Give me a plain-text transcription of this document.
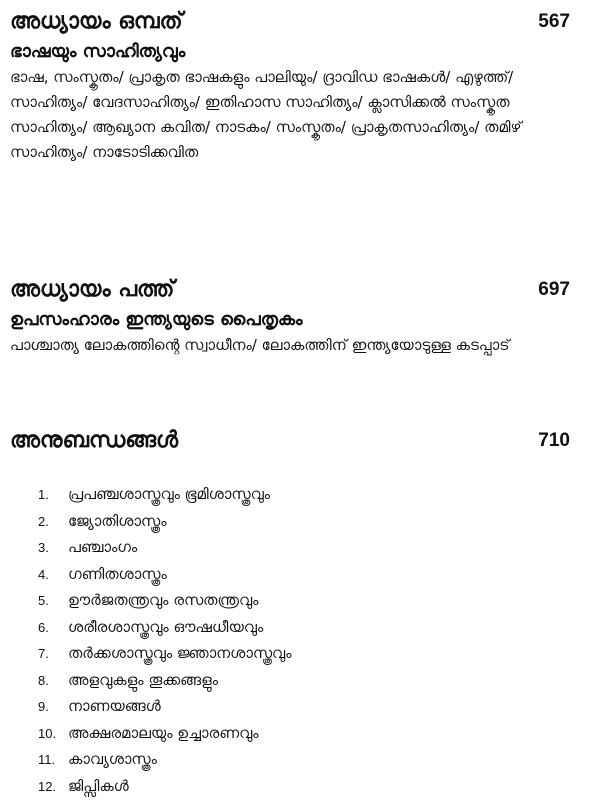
അധ്യായം ഒമ്പത്	567
ഭാഷയും സാഹിത്യവും
ഭാഷ, സംസ്കൃതം/ പ്രാകൃത ഭാഷകളും പാലിയും/ ദ്രാവിഡ ഭാഷകൾ/ എഴുത്ത്/ സാഹിത്യം/ വേദസാഹിത്യം/ ഇതിഹാസ സാഹിത്യം/ ക്ലാസിക്കൽ സംസ്കൃത സാഹിത്യം/ ആഖ്യാന കവിത/ നാടകം/ സംസ്കൃതം/ പ്രാകൃതസാഹിത്യം/ തമിഴ് സാഹിത്യം/ നാടോടിക്കവിത
അധ്യായം പത്ത്	697
ഉപസംഹാരം ഇന്ത്യയുടെ പൈതൃകം
പാശ്ചാത്യ ലോകത്തിന്റെ സ്വാധീനം/ ലോകത്തിന് ഇന്ത്യയോടുള്ള കടപ്പാട്
അനുബന്ധങ്ങൾ	710
1. പ്രപഞ്ചശാസ്ത്രവും ഭൂമിശാസ്ത്രവും
2. ജ്യോതിശാസ്ത്രം
3. പഞ്ചാംഗം
4. ഗണിതശാസ്ത്രം
5. ഊർജതന്ത്രവും രസതന്ത്രവും
6. ശരീരശാസ്ത്രവും ഔഷധീയവും
7. തർക്കശാസ്ത്രവും ജ്ഞാനശാസ്ത്രവും
8. അളവുകളും തൂക്കങ്ങളും
9. നാണയങ്ങൾ
10. അക്ഷരമാലയും ഉച്ചാരണവും
11. കാവ്യശാസ്ത്രം
12. ജിപ്സികൾ
